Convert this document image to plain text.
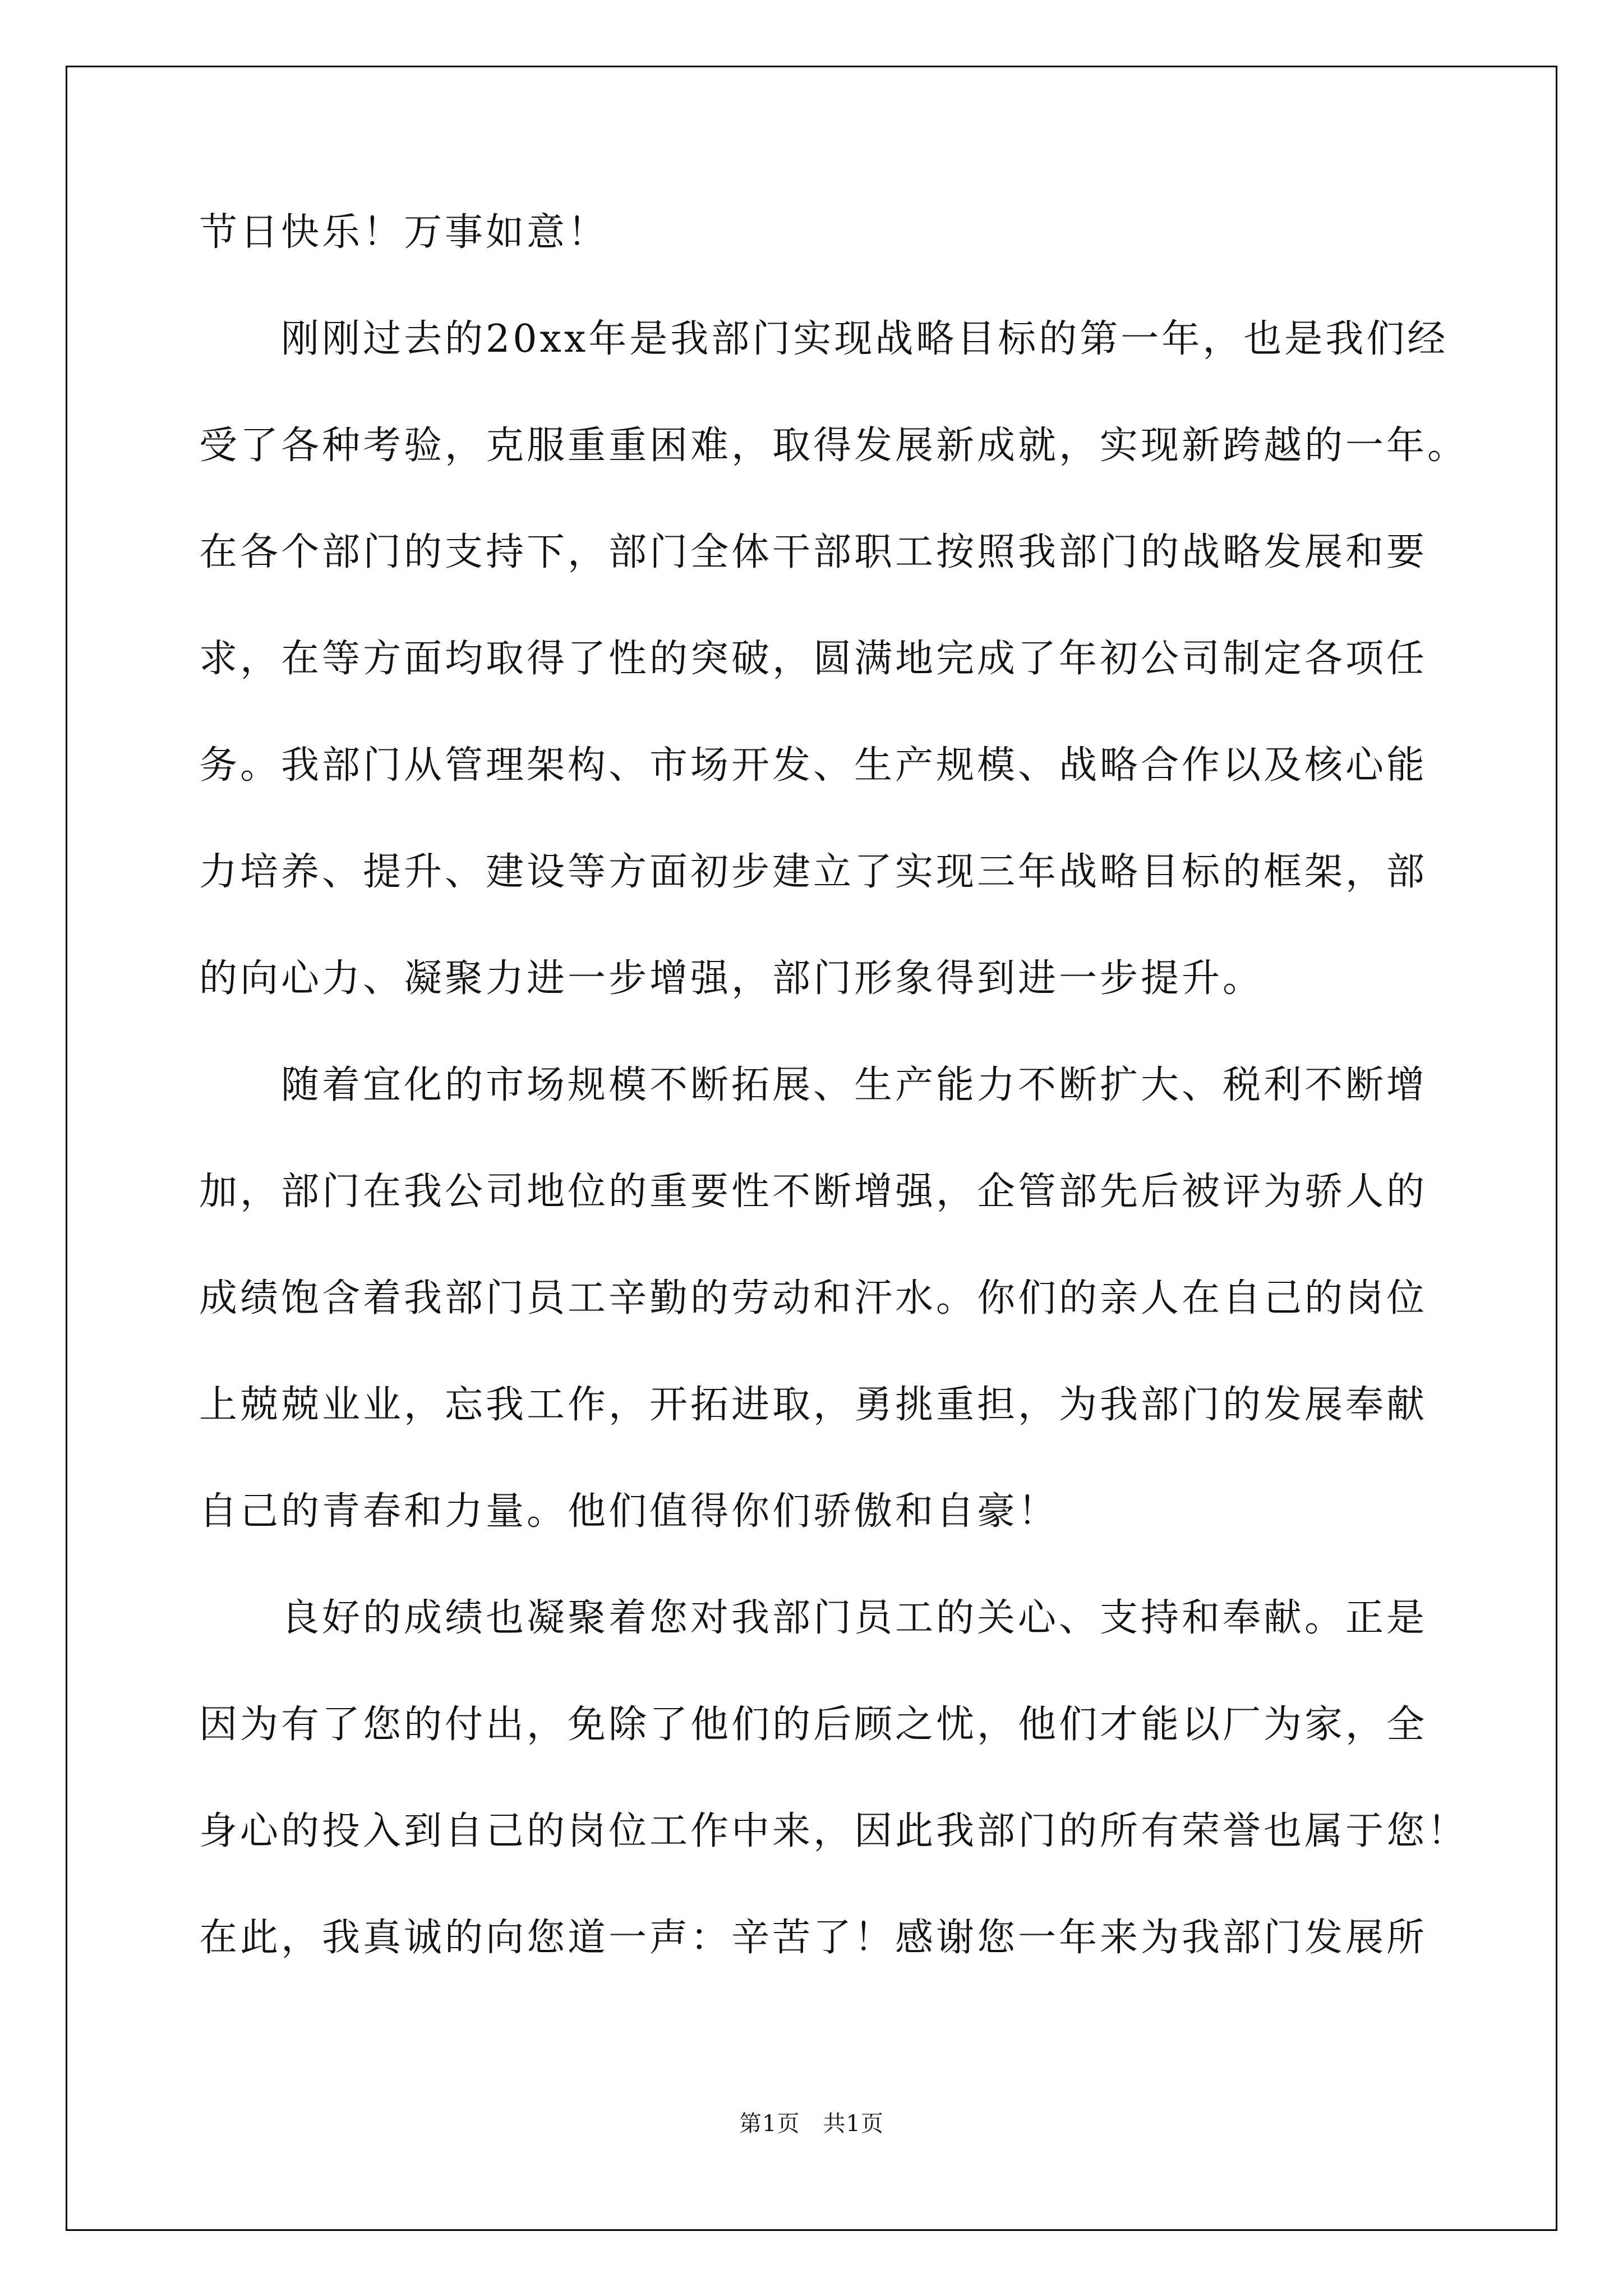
节日快乐！万事如意！
　　刚刚过去的20xx年是我部门实现战略目标的第一年，也是我们经
受了各种考验，克服重重困难，取得发展新成就，实现新跨越的一年。
在各个部门的支持下，部门全体干部职工按照我部门的战略发展和要
求，在等方面均取得了性的突破，圆满地完成了年初公司制定各项任
务。我部门从管理架构、市场开发、生产规模、战略合作以及核心能
力培养、提升、建设等方面初步建立了实现三年战略目标的框架，部
的向心力、凝聚力进一步增强，部门形象得到进一步提升。
　　随着宜化的市场规模不断拓展、生产能力不断扩大、税利不断增
加，部门在我公司地位的重要性不断增强，企管部先后被评为骄人的
成绩饱含着我部门员工辛勤的劳动和汗水。你们的亲人在自己的岗位
上兢兢业业，忘我工作，开拓进取，勇挑重担，为我部门的发展奉献
自己的青春和力量。他们值得你们骄傲和自豪！
　　良好的成绩也凝聚着您对我部门员工的关心、支持和奉献。正是
因为有了您的付出，免除了他们的后顾之忧，他们才能以厂为家，全
身心的投入到自己的岗位工作中来，因此我部门的所有荣誉也属于您！
在此，我真诚的向您道一声：辛苦了！感谢您一年来为我部门发展所
第1页　共1页
